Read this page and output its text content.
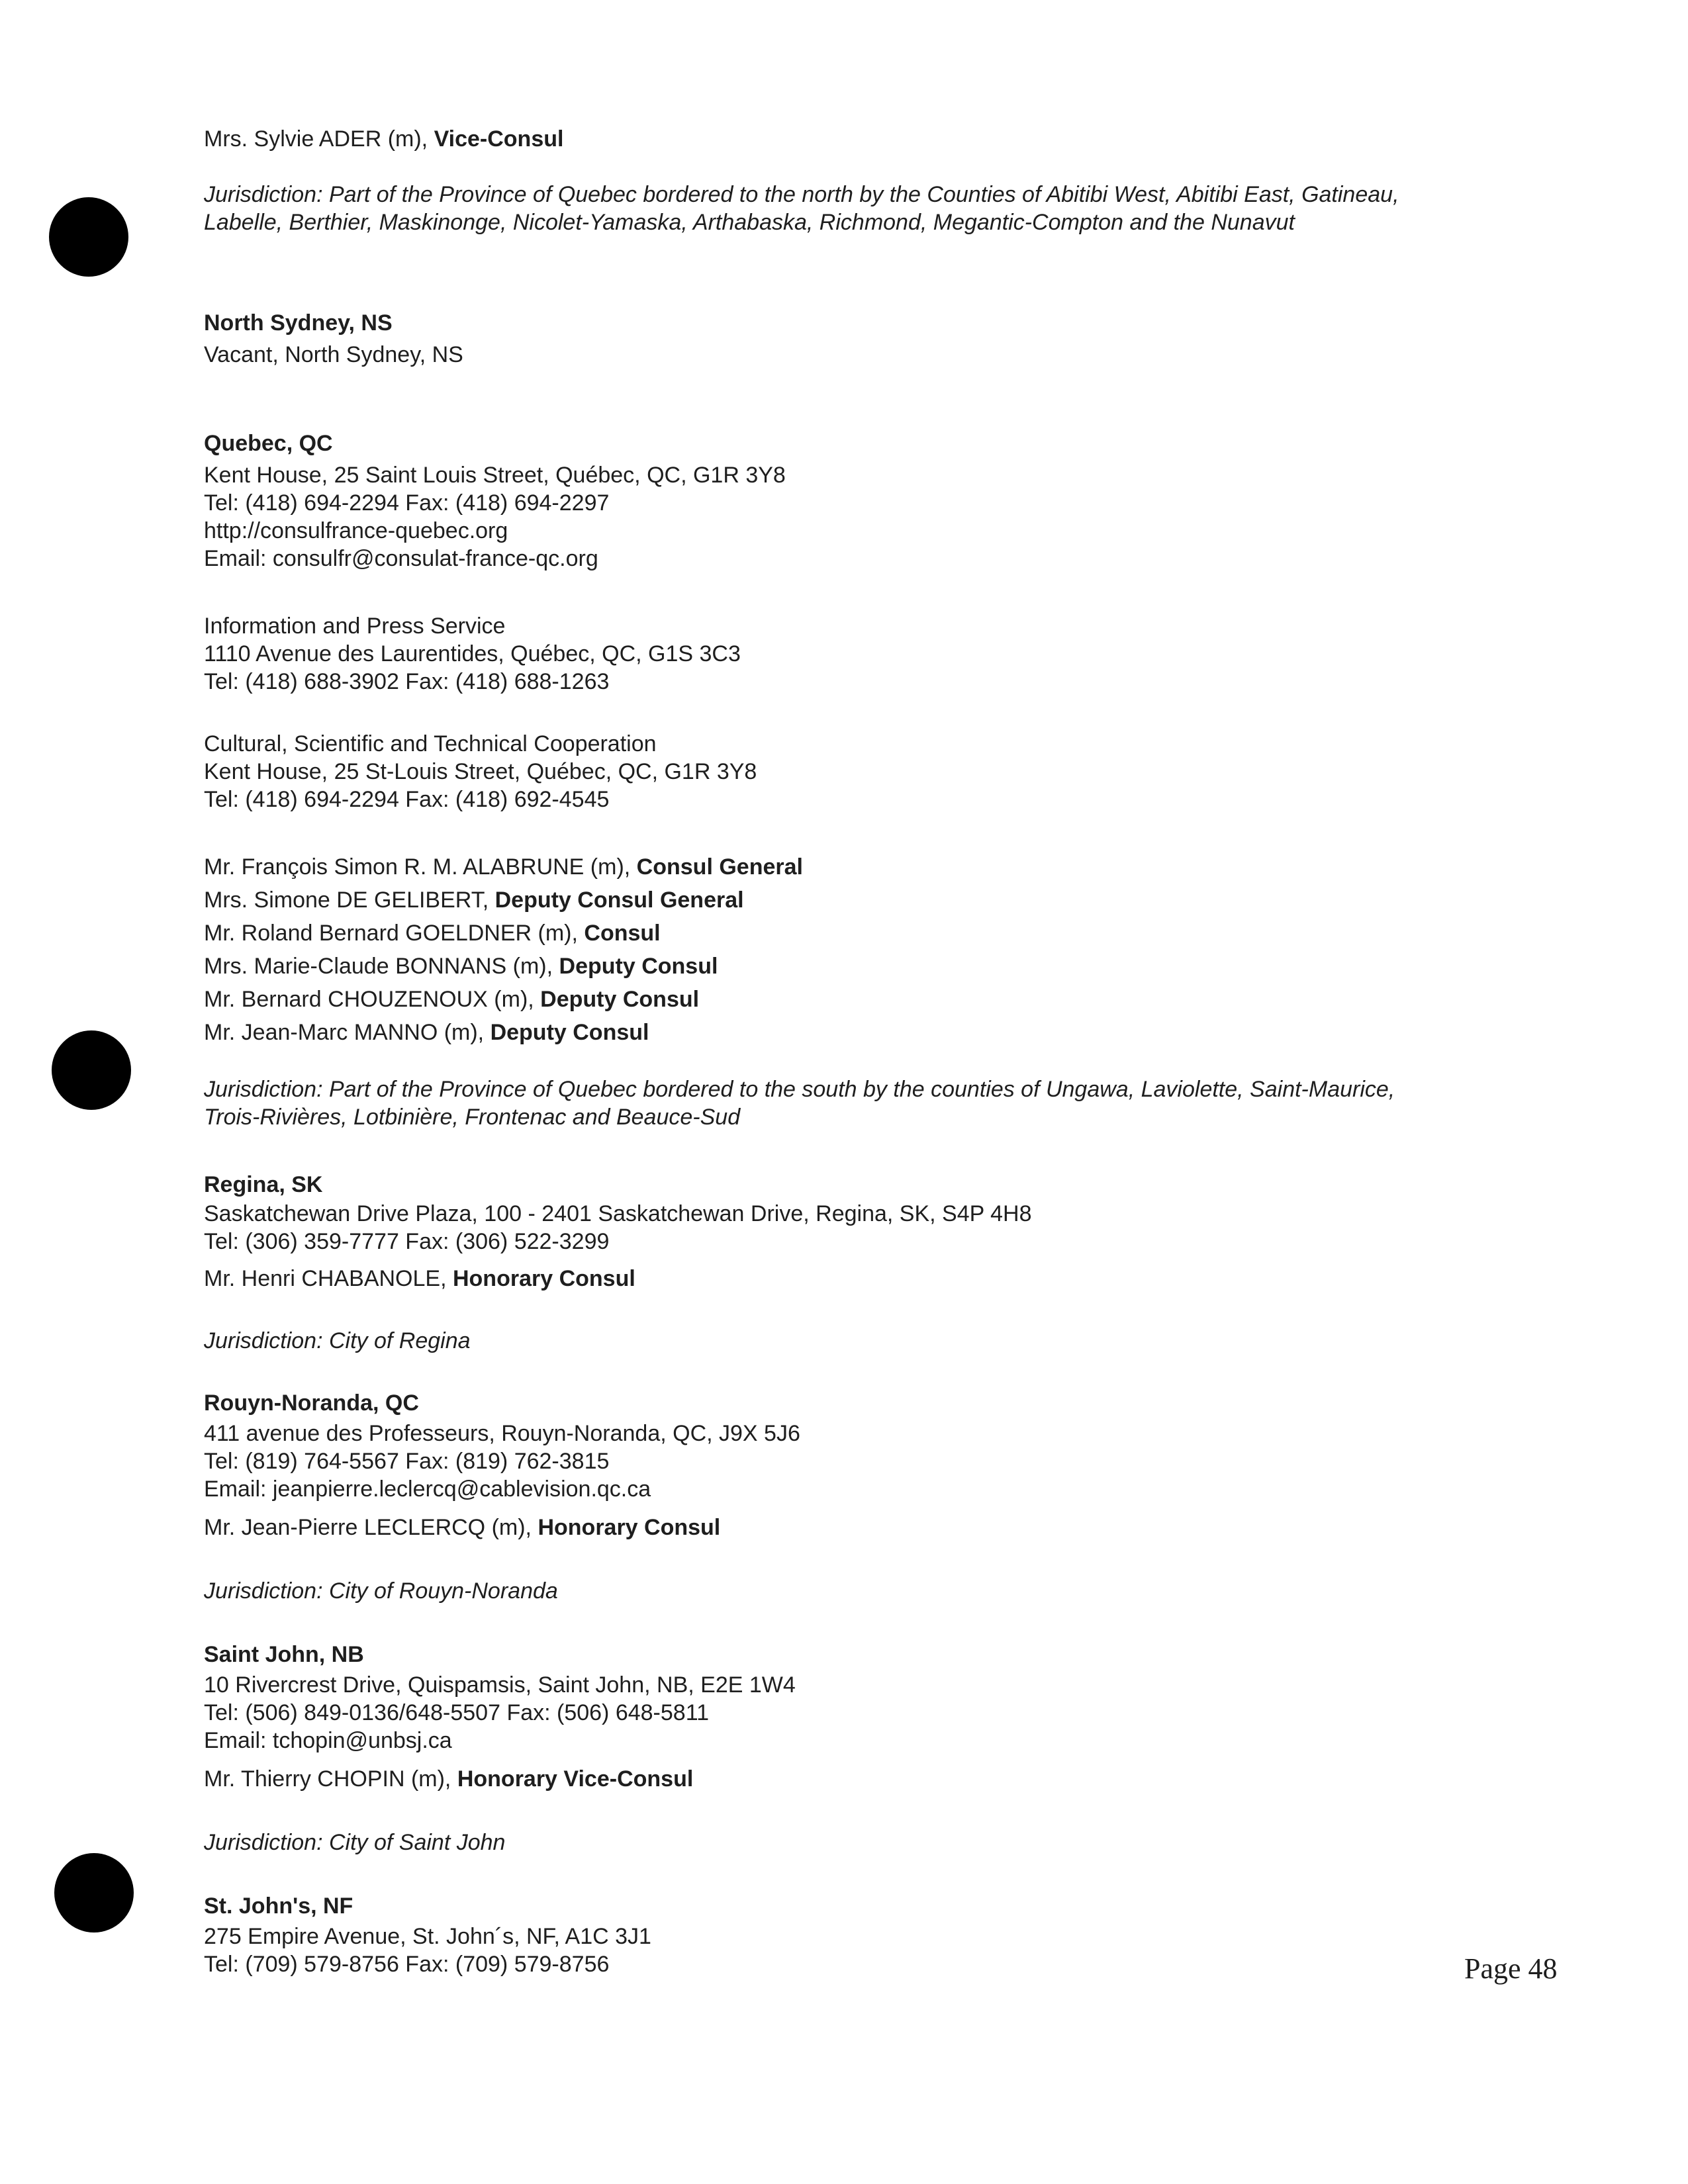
Mrs. Sylvie ADER (m), Vice-Consul
Jurisdiction: Part of the Province of Quebec bordered to the north by the Counties of Abitibi West, Abitibi East, Gatineau,
Labelle, Berthier, Maskinonge, Nicolet-Yamaska, Arthabaska, Richmond, Megantic-Compton and the Nunavut
North Sydney, NS
Vacant, North Sydney, NS
Quebec, QC
Kent House, 25 Saint Louis Street, Québec, QC, G1R 3Y8
Tel: (418) 694-2294 Fax: (418) 694-2297
http://consulfrance-quebec.org
Email: consulfr@consulat-france-qc.org
Information and Press Service
1110 Avenue des Laurentides, Québec, QC, G1S 3C3
Tel: (418) 688-3902 Fax: (418) 688-1263
Cultural, Scientific and Technical Cooperation
Kent House, 25 St-Louis Street, Québec, QC, G1R 3Y8
Tel: (418) 694-2294 Fax: (418) 692-4545
Mr. François Simon R. M. ALABRUNE (m), Consul General
Mrs. Simone DE GELIBERT, Deputy Consul General
Mr. Roland Bernard GOELDNER (m), Consul
Mrs. Marie-Claude BONNANS (m), Deputy Consul
Mr. Bernard CHOUZENOUX (m), Deputy Consul
Mr. Jean-Marc MANNO (m), Deputy Consul
Jurisdiction: Part of the Province of Quebec bordered to the south by the counties of Ungawa, Laviolette, Saint-Maurice,
Trois-Rivières, Lotbinière, Frontenac and Beauce-Sud
Regina, SK
Saskatchewan Drive Plaza, 100 - 2401 Saskatchewan Drive, Regina, SK, S4P 4H8
Tel: (306) 359-7777 Fax: (306) 522-3299
Mr. Henri CHABANOLE, Honorary Consul
Jurisdiction: City of Regina
Rouyn-Noranda, QC
411 avenue des Professeurs, Rouyn-Noranda, QC, J9X 5J6
Tel: (819) 764-5567 Fax: (819) 762-3815
Email: jeanpierre.leclercq@cablevision.qc.ca
Mr. Jean-Pierre LECLERCQ (m), Honorary Consul
Jurisdiction: City of Rouyn-Noranda
Saint John, NB
10 Rivercrest Drive, Quispamsis, Saint John, NB, E2E 1W4
Tel: (506) 849-0136/648-5507 Fax: (506) 648-5811
Email: tchopin@unbsj.ca
Mr. Thierry CHOPIN (m), Honorary Vice-Consul
Jurisdiction: City of Saint John
St. John's, NF
275 Empire Avenue, St. John´s, NF, A1C 3J1
Tel: (709) 579-8756 Fax: (709) 579-8756	Page 48
